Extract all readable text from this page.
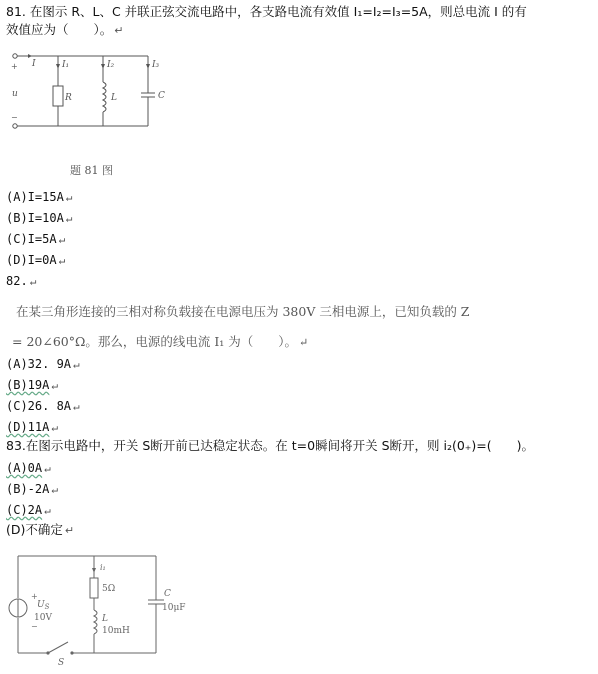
81. 在图示 R、L、C 并联正弦交流电路中，各支路电流有效值 I₁=I₂=I₃=5A，则总电流 I 的有
效值应为（　　）。 ↵
+ I	I₁	I₂	I₃
u
−
R	L	C
题 81 图
(A)I=15A ↵
(B)I=10A ↵
(C)I=5A ↵
(D)I=0A ↵
82. ↵
在某三角形连接的三相对称负载接在电源电压为 380V 三相电源上，已知负载的 Z
= 20∠60°Ω。那么，电源的线电流 I₁ 为（　　）。 ↵
(A)32. 9A ↵
(B)19A ↵
(C)26. 8A ↵
(D)11A ↵
83.在图示电路中，开关 S断开前已达稳定状态。在 t=0瞬间将开关 S断开，则 i₂(0₊)=(　　)。
(A)0A ↵
(B)-2A ↵
(C)2A ↵
(D)不确定 ↵
i₁
+
$U_S$
10V
−
5Ω
L
10mH
C
10μF
S
